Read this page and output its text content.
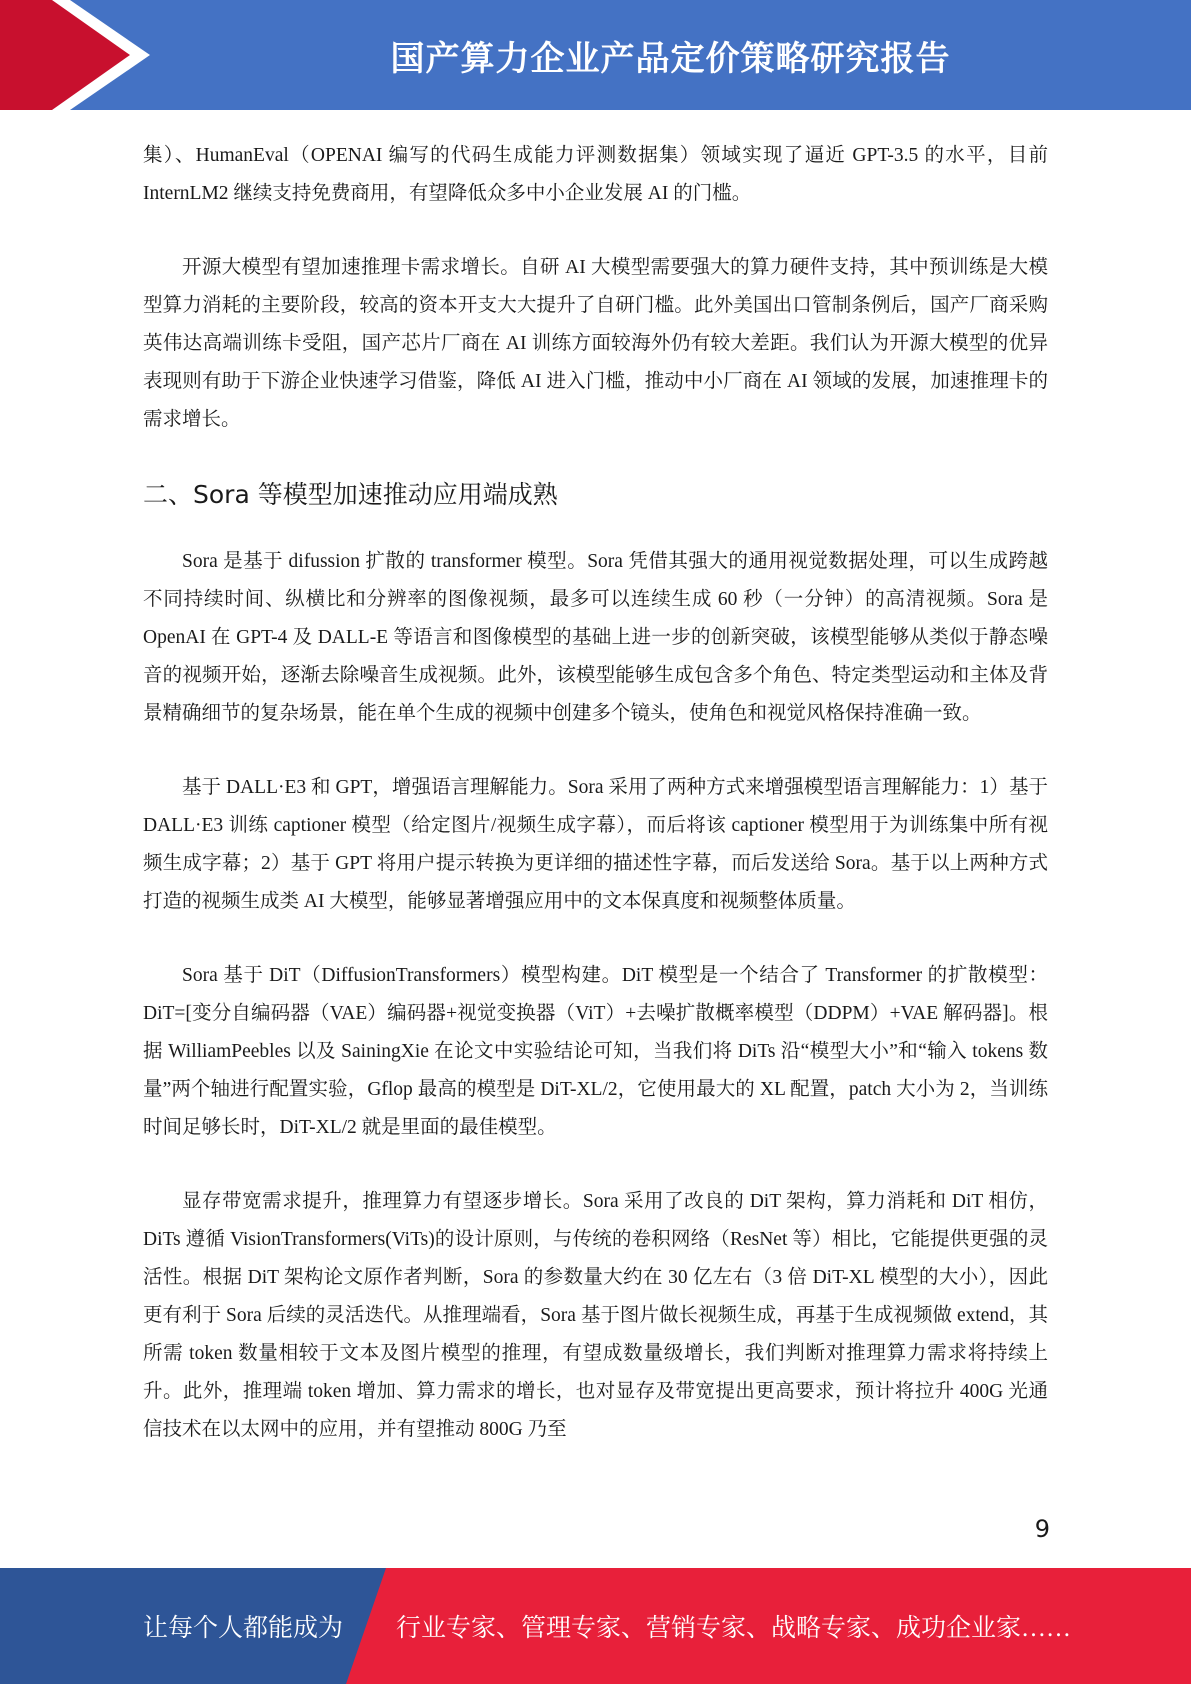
国产算力企业产品定价策略研究报告

集）、HumanEval（OPENAI 编写的代码生成能力评测数据集）领域实现了逼近 GPT-3.5 的水平，目前 InternLM2 继续支持免费商用，有望降低众多中小企业发展 AI 的门槛。

开源大模型有望加速推理卡需求增长。自研 AI 大模型需要强大的算力硬件支持，其中预训练是大模型算力消耗的主要阶段，较高的资本开支大大提升了自研门槛。此外美国出口管制条例后，国产厂商采购英伟达高端训练卡受阻，国产芯片厂商在 AI 训练方面较海外仍有较大差距。我们认为开源大模型的优异表现则有助于下游企业快速学习借鉴，降低 AI 进入门槛，推动中小厂商在 AI 领域的发展，加速推理卡的需求增长。

二、Sora 等模型加速推动应用端成熟

Sora 是基于 difussion 扩散的 transformer 模型。Sora 凭借其强大的通用视觉数据处理，可以生成跨越不同持续时间、纵横比和分辨率的图像视频，最多可以连续生成 60 秒（一分钟）的高清视频。Sora 是 OpenAI 在 GPT-4 及 DALL-E 等语言和图像模型的基础上进一步的创新突破，该模型能够从类似于静态噪音的视频开始，逐渐去除噪音生成视频。此外，该模型能够生成包含多个角色、特定类型运动和主体及背景精确细节的复杂场景，能在单个生成的视频中创建多个镜头，使角色和视觉风格保持准确一致。

基于 DALL·E3 和 GPT，增强语言理解能力。Sora 采用了两种方式来增强模型语言理解能力：1）基于 DALL·E3 训练 captioner 模型（给定图片/视频生成字幕），而后将该 captioner 模型用于为训练集中所有视频生成字幕；2）基于 GPT 将用户提示转换为更详细的描述性字幕，而后发送给 Sora。基于以上两种方式打造的视频生成类 AI 大模型，能够显著增强应用中的文本保真度和视频整体质量。

Sora 基于 DiT（DiffusionTransformers）模型构建。DiT 模型是一个结合了 Transformer 的扩散模型：DiT=[变分自编码器（VAE）编码器+视觉变换器（ViT）+去噪扩散概率模型（DDPM）+VAE 解码器]。根据 WilliamPeebles 以及 SainingXie 在论文中实验结论可知，当我们将 DiTs 沿“模型大小”和“输入 tokens 数量”两个轴进行配置实验，Gflop 最高的模型是 DiT-XL/2，它使用最大的 XL 配置，patch 大小为 2，当训练时间足够长时，DiT-XL/2 就是里面的最佳模型。

显存带宽需求提升，推理算力有望逐步增长。Sora 采用了改良的 DiT 架构，算力消耗和 DiT 相仿，DiTs 遵循 VisionTransformers(ViTs)的设计原则，与传统的卷积网络（ResNet 等）相比，它能提供更强的灵活性。根据 DiT 架构论文原作者判断，Sora 的参数量大约在 30 亿左右（3 倍 DiT-XL 模型的大小），因此更有利于 Sora 后续的灵活迭代。从推理端看，Sora 基于图片做长视频生成，再基于生成视频做 extend，其所需 token 数量相较于文本及图片模型的推理，有望成数量级增长，我们判断对推理算力需求将持续上升。此外，推理端 token 增加、算力需求的增长，也对显存及带宽提出更高要求，预计将拉升 400G 光通信技术在以太网中的应用，并有望推动 800G 乃至

9
让每个人都能成为 行业专家、管理专家、营销专家、战略专家、成功企业家……
